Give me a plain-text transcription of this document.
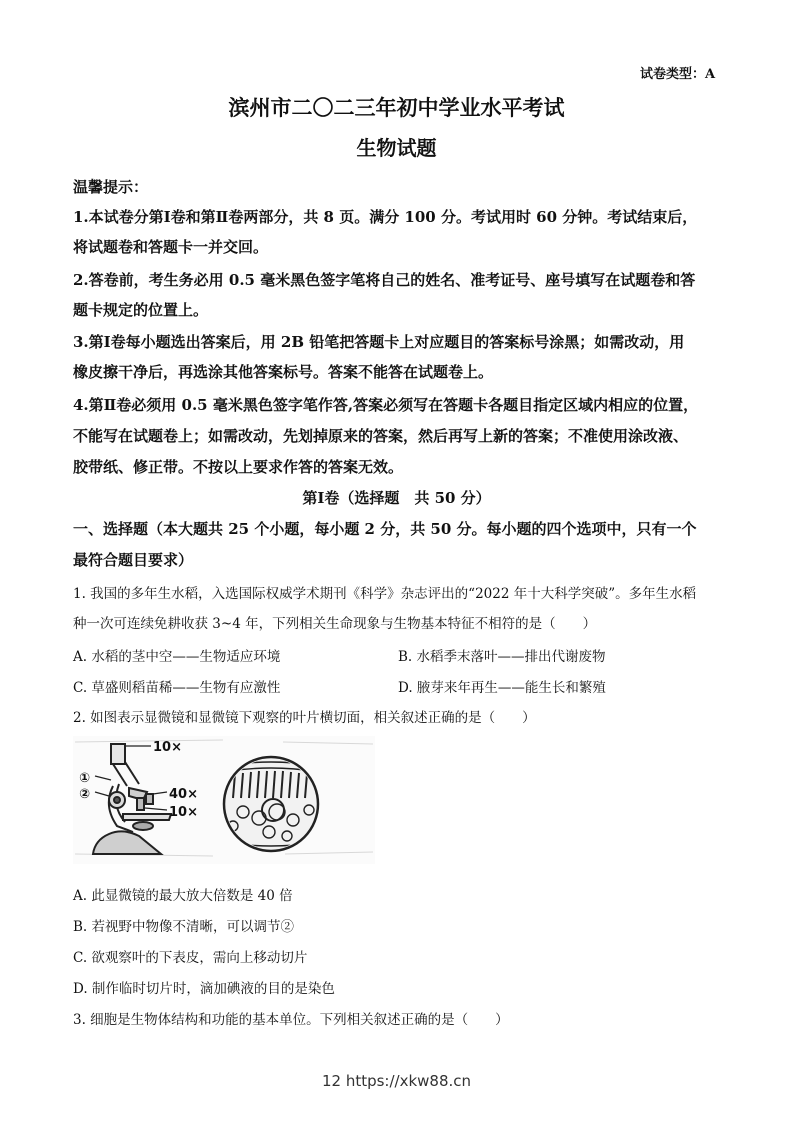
试卷类型：A
滨州市二〇二三年初中学业水平考试
生物试题
温馨提示：
1.本试卷分第Ⅰ卷和第Ⅱ卷两部分，共 8 页。满分 100 分。考试用时 60 分钟。考试结束后，
将试题卷和答题卡一并交回。
2.答卷前，考生务必用 0.5 毫米黑色签字笔将自己的姓名、准考证号、座号填写在试题卷和答
题卡规定的位置上。
3.第Ⅰ卷每小题选出答案后，用 2B 铅笔把答题卡上对应题目的答案标号涂黑；如需改动，用
橡皮擦干净后，再选涂其他答案标号。答案不能答在试题卷上。
4.第Ⅱ卷必须用 0.5 毫米黑色签字笔作答,答案必须写在答题卡各题目指定区域内相应的位置，
不能写在试题卷上；如需改动，先划掉原来的答案，然后再写上新的答案；不准使用涂改液、
胶带纸、修正带。不按以上要求作答的答案无效。
第Ⅰ卷（选择题　共 50 分）
一、选择题（本大题共 25 个小题，每小题 2 分，共 50 分。每小题的四个选项中，只有一个
最符合题目要求）
1. 我国的多年生水稻，入选国际权威学术期刊《科学》杂志评出的“2022 年十大科学突破”。多年生水稻
种一次可连续免耕收获 3~4 年，下列相关生命现象与生物基本特征不相符的是（　　）
A. 水稻的茎中空——生物适应环境	B. 水稻季末落叶——排出代谢废物
C. 草盛则稻苗稀——生物有应激性	D. 腋芽来年再生——能生长和繁殖
2. 如图表示显微镜和显微镜下观察的叶片横切面，相关叙述正确的是（　　）
10×
①
②	40×
10×
A. 此显微镜的最大放大倍数是 40 倍
B. 若视野中物像不清晰，可以调节②
C. 欲观察叶的下表皮，需向上移动切片
D. 制作临时切片时，滴加碘液的目的是染色
3. 细胞是生物体结构和功能的基本单位。下列相关叙述正确的是（　　）
12 https://xkw88.cn
